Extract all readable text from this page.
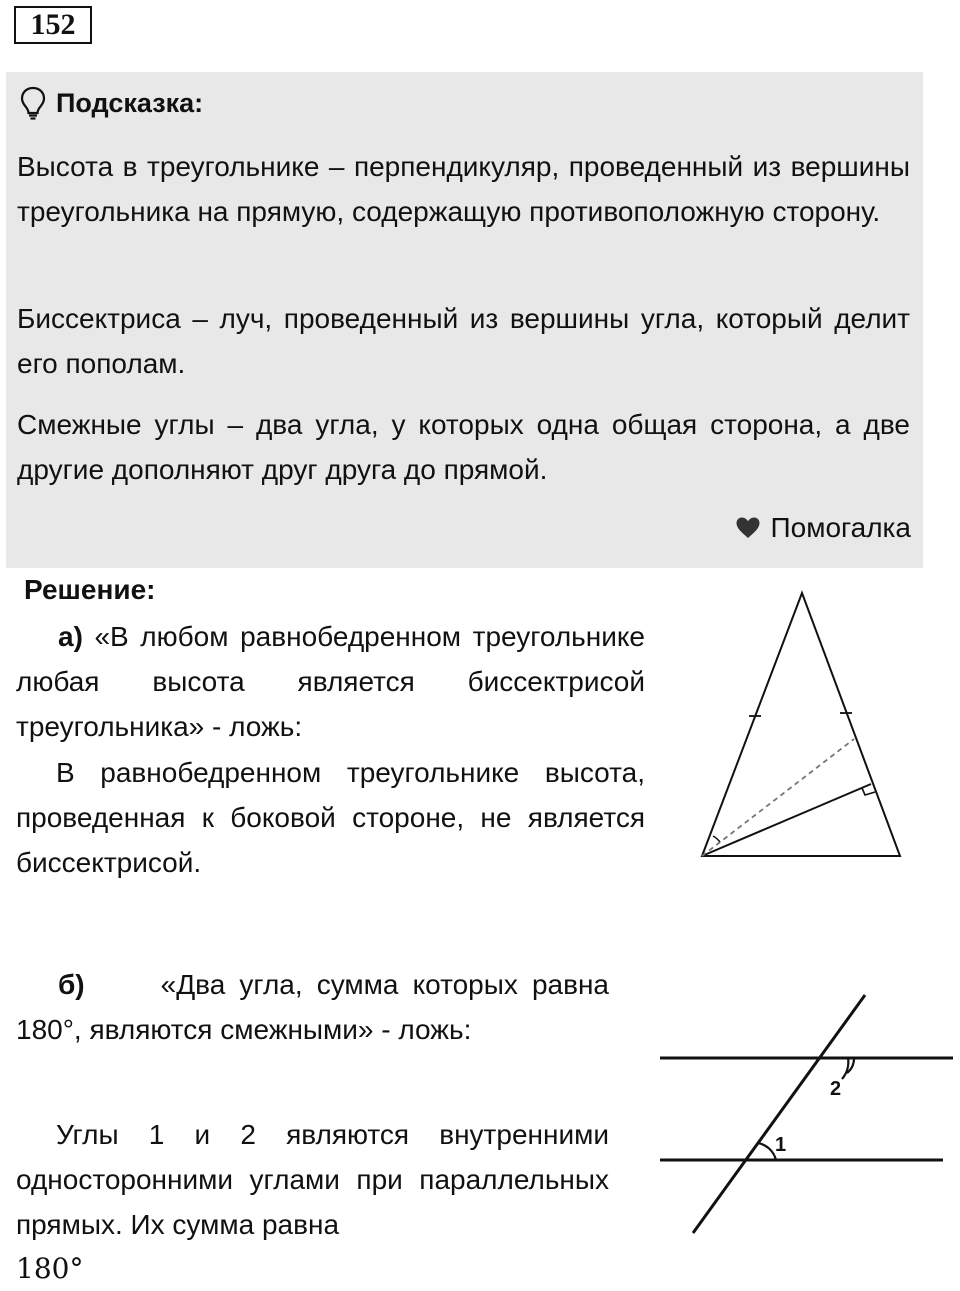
152
Подсказка:

Высота в треугольнике – перпендикуляр, проведенный из вершины треугольника на прямую, содержащую противоположную сторону.

Биссектриса – луч, проведенный из вершины угла, который делит его пополам.

Смежные углы – два угла, у которых одна общая сторона, а две другие дополняют друг друга до прямой.

Помогалка
Решение:

а) «В любом равнобедренном треугольнике любая высота является биссектрисой треугольника» - ложь:

В равнобедренном треугольнике высота, проведенная к боковой стороне, не является биссектрисой.

б)	«Два угла, сумма которых равна 180°, являются смежными» - ложь:

Углы 1 и 2 являются внутренними односторонними углами при параллельных прямых. Их сумма равна

180°
2
1
